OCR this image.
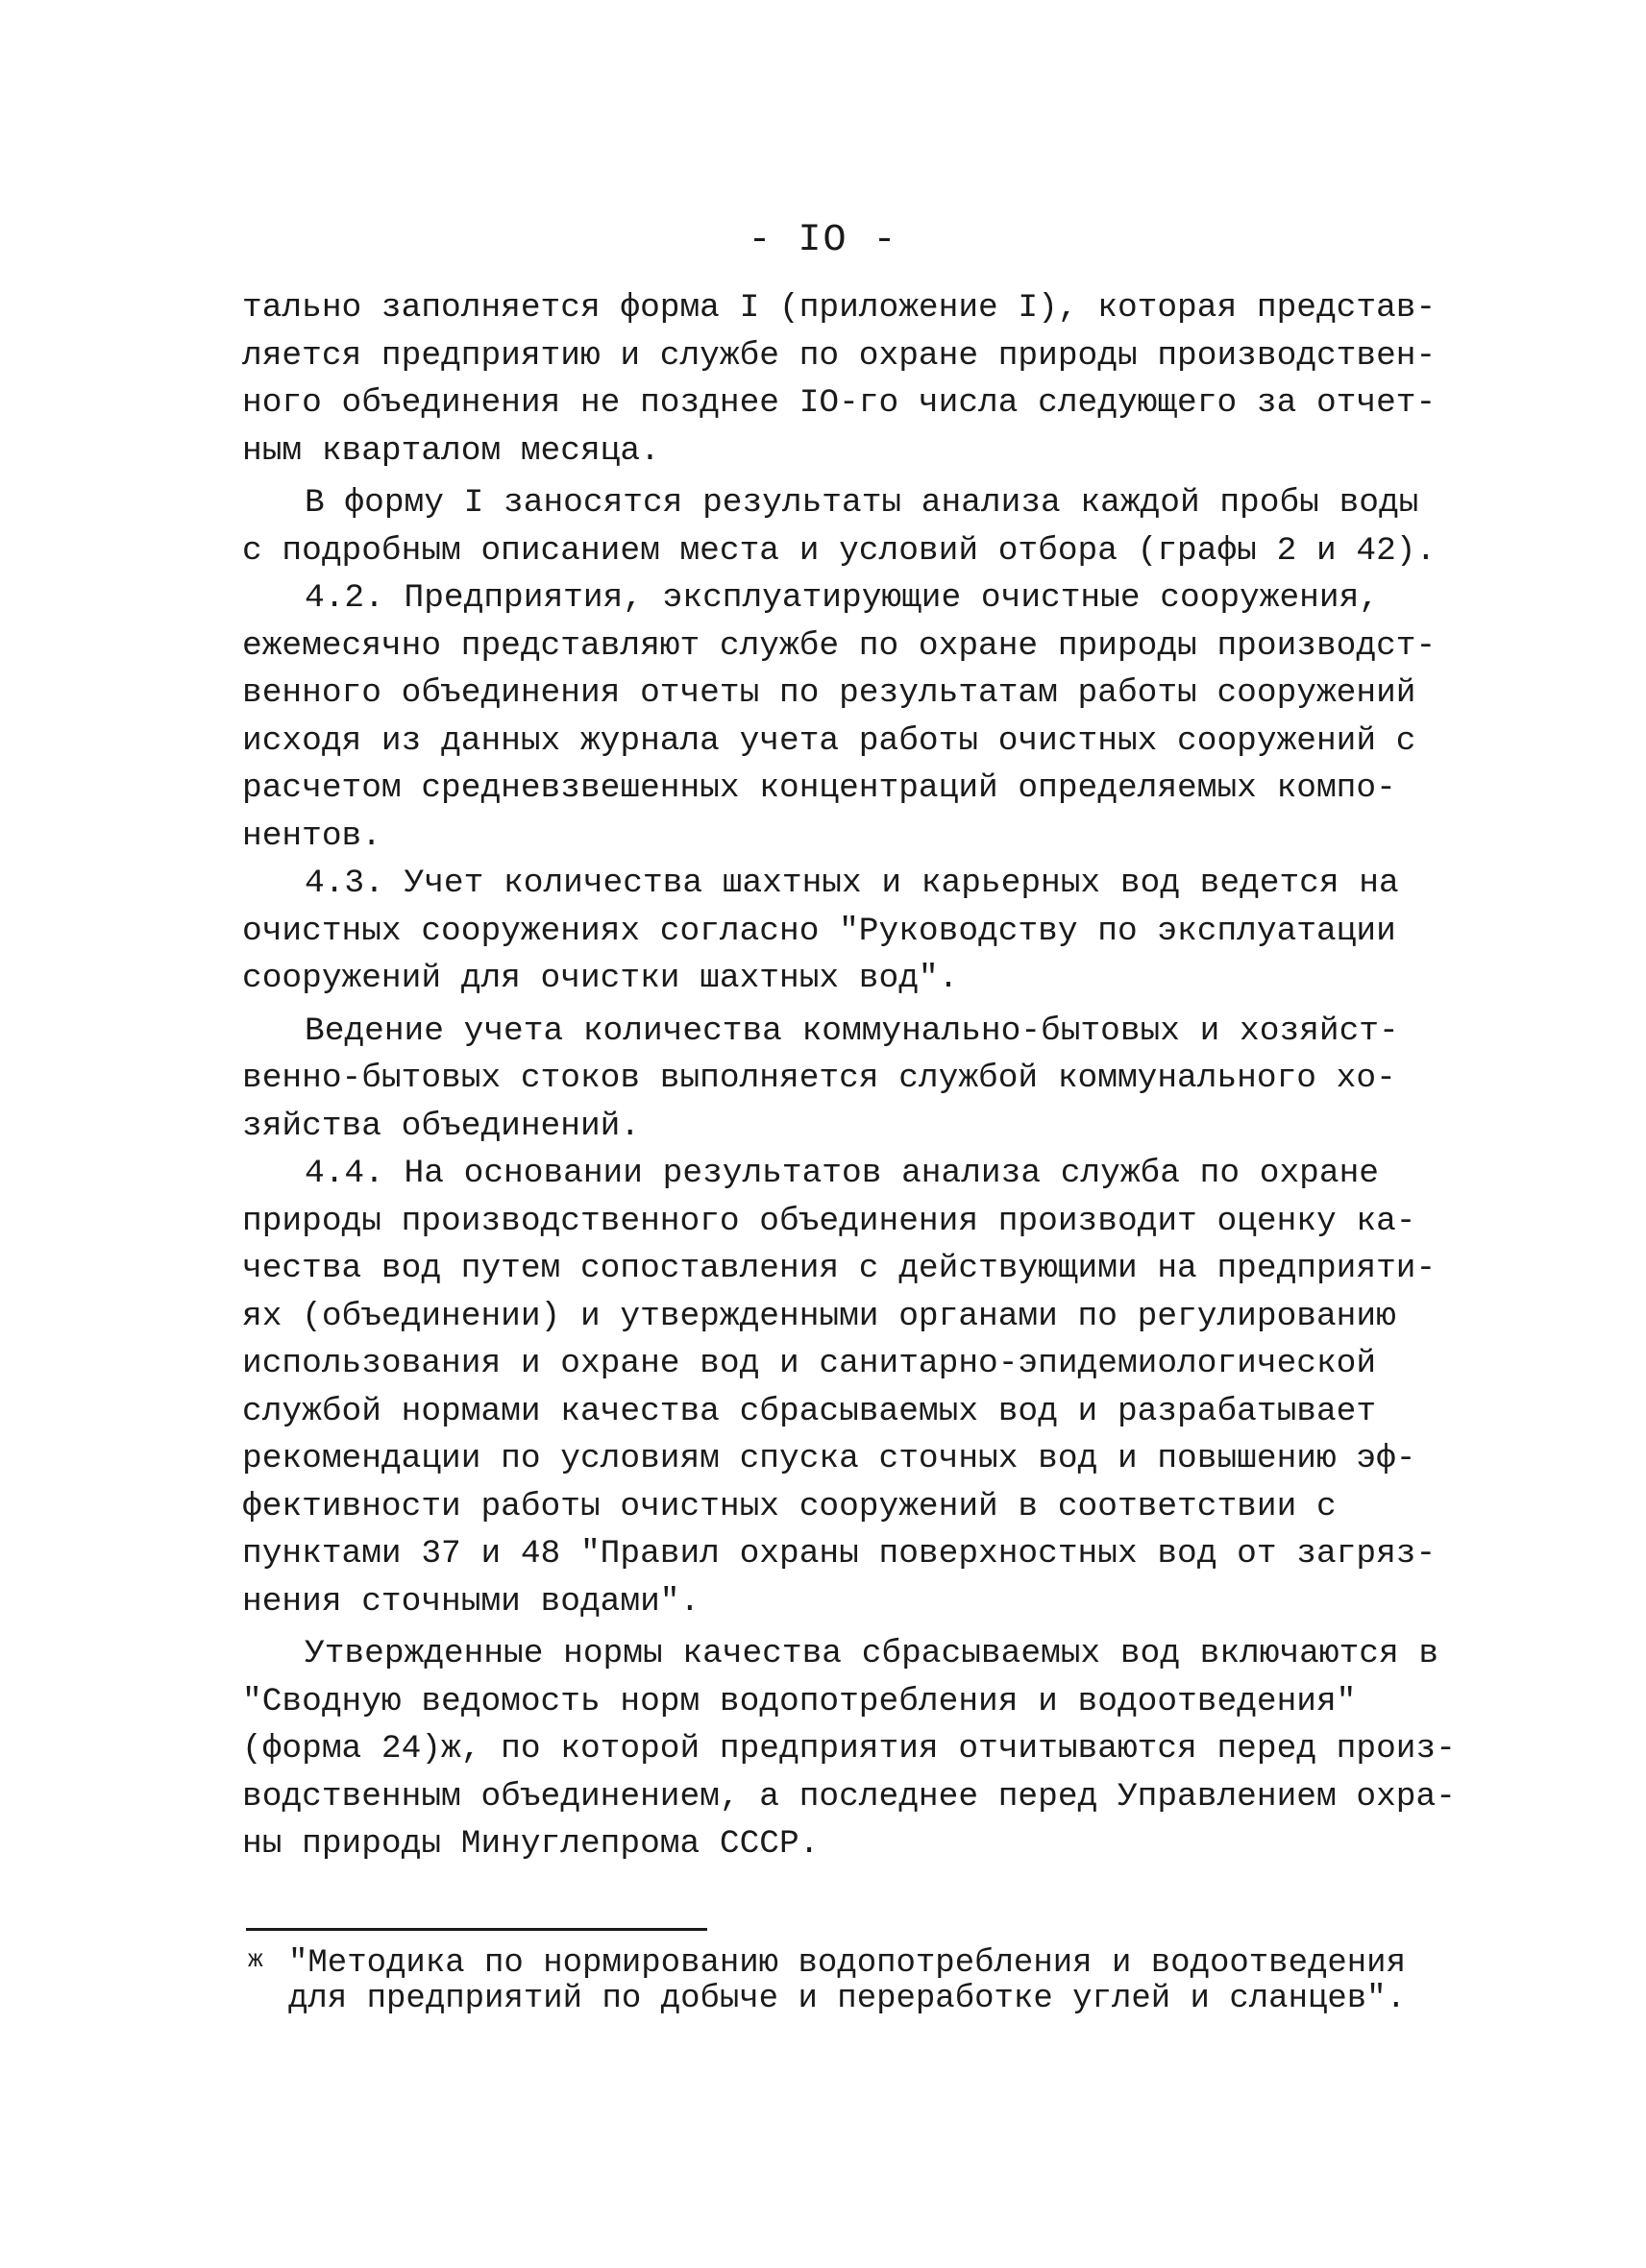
- IO -
тально заполняется форма I (приложение I), которая представ-
ляется предприятию и службе по охране природы производствен-
ного объединения не позднее IO-го числа следующего за отчет-
ным кварталом месяца.
В форму I заносятся результаты анализа каждой пробы воды
с подробным описанием места и условий отбора (графы 2 и 42).
4.2. Предприятия, эксплуатирующие очистные сооружения,
ежемесячно представляют службе по охране природы производст-
венного объединения отчеты по результатам работы сооружений
исходя из данных журнала учета работы очистных сооружений с
расчетом средневзвешенных концентраций определяемых компо-
нентов.
4.3. Учет количества шахтных и карьерных вод ведется на
очистных сооружениях согласно "Руководству по эксплуатации
сооружений для очистки шахтных вод".
Ведение учета количества коммунально-бытовых и хозяйст-
венно-бытовых стоков выполняется службой коммунального хо-
зяйства объединений.
4.4. На основании результатов анализа служба по охране
природы производственного объединения производит оценку ка-
чества вод путем сопоставления с действующими на предприяти-
ях (объединении) и утвержденными органами по регулированию
использования и охране вод и санитарно-эпидемиологической
службой нормами качества сбрасываемых вод и разрабатывает
рекомендации по условиям спуска сточных вод и повышению эф-
фективности работы очистных сооружений в соответствии с
пунктами 37 и 48 "Правил охраны поверхностных вод от загряз-
нения сточными водами".
Утвержденные нормы качества сбрасываемых вод включаются в
"Сводную ведомость норм водопотребления и водоотведения"
(форма 24)ж, по которой предприятия отчитываются перед произ-
водственным объединением, а последнее перед Управлением охра-
ны природы Минуглепрома СССР.
ж "Методика по нормированию водопотребления и водоотведения
для предприятий по добыче и переработке углей и сланцев".
